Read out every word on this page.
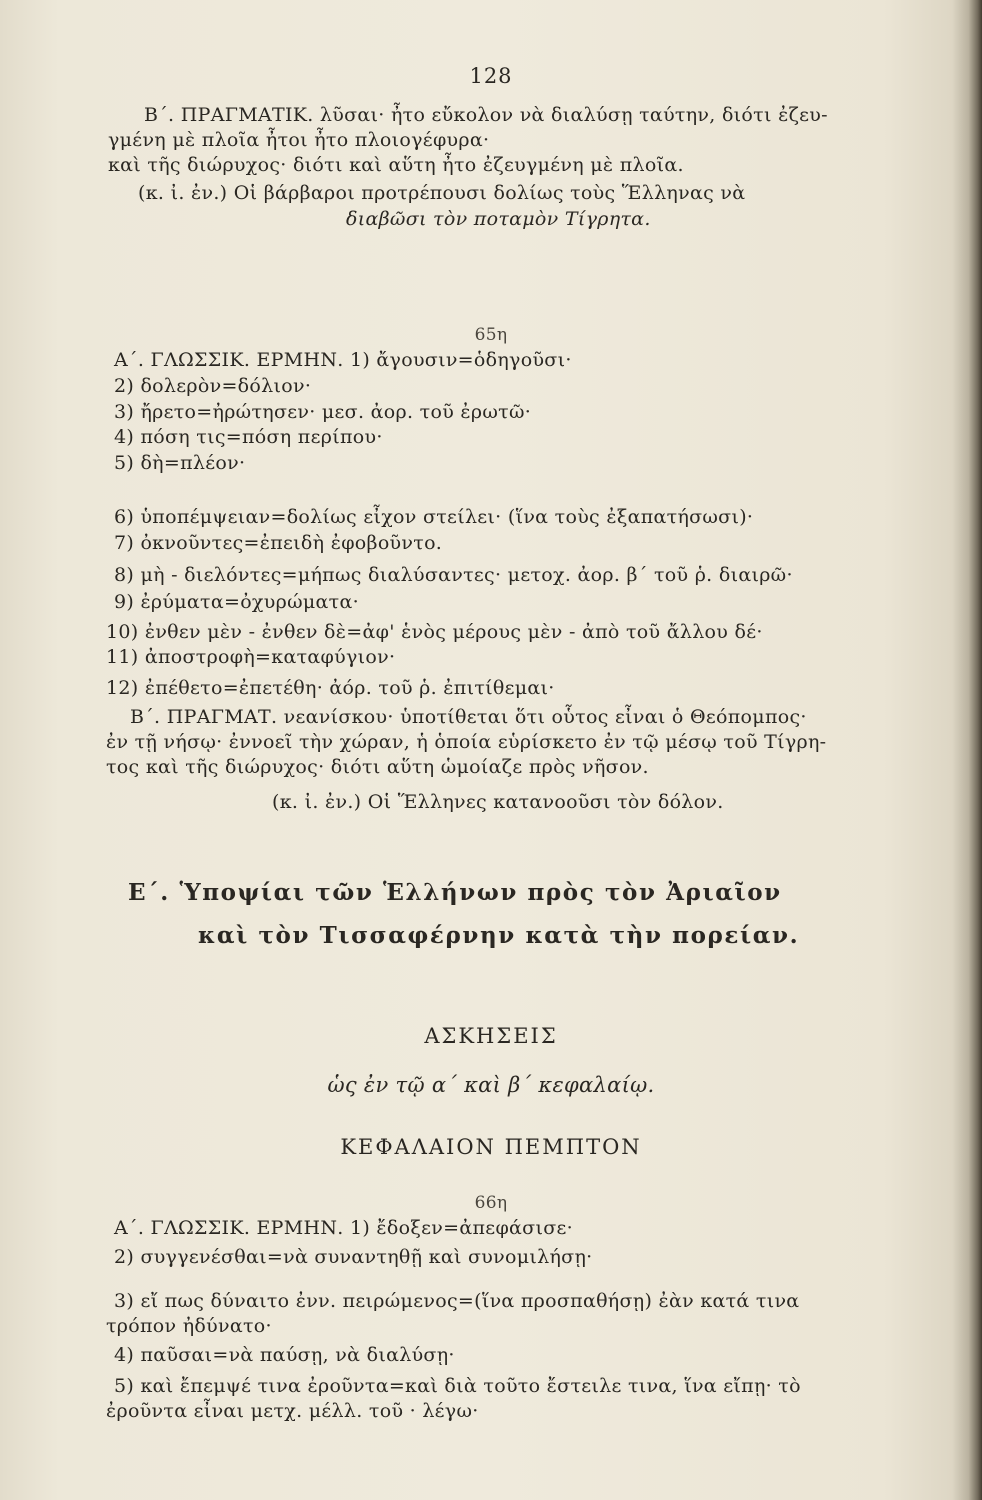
128
Β΄. ΠΡΑΓΜΑΤΙΚ. λῦσαι· ἦτο εὔκολον νὰ διαλύσῃ ταύτην, διότι ἐζευ-
γμένη μὲ πλοῖα ἦτοι ἦτο πλοιογέφυρα·
καὶ τῆς διώρυχος· διότι καὶ αὕτη ἦτο ἐζευγμένη μὲ πλοῖα.
(κ. ἰ. ἐν.) Οἱ βάρβαροι προτρέπουσι δολίως τοὺς Ἕλληνας νὰ
διαβῶσι τὸν ποταμὸν Τίγρητα.
65η
Α΄. ΓΛΩΣΣΙΚ. ΕΡΜΗΝ. 1) ἄγουσιν=ὁδηγοῦσι·
2) δολερὸν=δόλιον·
3) ἤρετο=ἠρώτησεν· μεσ. ἀορ. τοῦ ἐρωτῶ·
4) πόση τις=πόση περίπου·
5) δὴ=πλέον·
6) ὑποπέμψειαν=δολίως εἶχον στείλει· (ἵνα τοὺς ἐξαπατήσωσι)·
7) ὀκνοῦντες=ἐπειδὴ ἐφοβοῦντο.
8) μὴ - διελόντες=μήπως διαλύσαντες· μετοχ. ἀορ. β΄ τοῦ ῥ. διαιρῶ·
9) ἐρύματα=ὀχυρώματα·
10) ἐνθεν μὲν - ἐνθεν δὲ=ἀφ' ἑνὸς μέρους μὲν - ἀπὸ τοῦ ἄλλου δέ·
11) ἀποστροφὴ=καταφύγιον·
12) ἐπέθετο=ἐπετέθη· ἀόρ. τοῦ ῥ. ἐπιτίθεμαι·
Β΄. ΠΡΑΓΜΑΤ. νεανίσκου· ὑποτίθεται ὅτι οὗτος εἶναι ὁ Θεόπομπος·
ἐν τῇ νήσῳ· ἐννοεῖ τὴν χώραν, ἡ ὁποία εὑρίσκετο ἐν τῷ μέσῳ τοῦ Τίγρη-
τος καὶ τῆς διώρυχος· διότι αὕτη ὡμοίαζε πρὸς νῆσον.
(κ. ἰ. ἐν.) Οἱ Ἕλληνες κατανοοῦσι τὸν δόλον.
Ε΄. Ὑποψίαι τῶν Ἑλλήνων πρὸς τὸν Ἀριαῖον
καὶ τὸν Τισσαφέρνην κατὰ τὴν πορείαν.
ΑΣΚΗΣΕΙΣ
ὡς ἐν τῷ α΄ καὶ β΄ κεφαλαίῳ.
ΚΕΦΑΛΑΙΟΝ ΠΕΜΠΤΟΝ
66η
Α΄. ΓΛΩΣΣΙΚ. ΕΡΜΗΝ. 1) ἔδοξεν=ἀπεφάσισε·
2) συγγενέσθαι=νὰ συναντηθῇ καὶ συνομιλήσῃ·
3) εἴ πως δύναιτο ἐνν. πειρώμενος=(ἵνα προσπαθήσῃ) ἐὰν κατά τινα
τρόπον ἠδύνατο·
4) παῦσαι=νὰ παύσῃ, νὰ διαλύσῃ·
5) καὶ ἔπεμψέ τινα ἐροῦντα=καὶ διὰ τοῦτο ἔστειλε τινα, ἵνα εἴπῃ· τὸ
ἐροῦντα εἶναι μετχ. μέλλ. τοῦ · λέγω·
